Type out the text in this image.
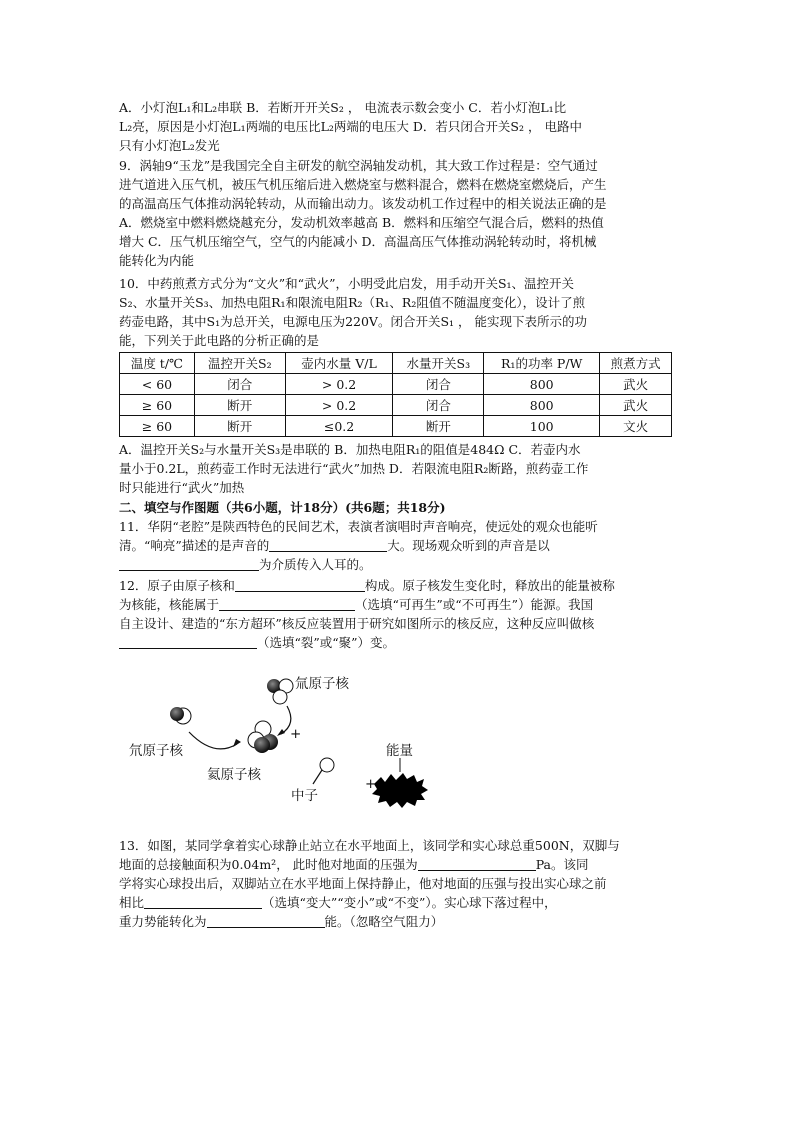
A．小灯泡L₁和L₂串联 B．若断开开关S₂ ， 电流表示数会变小 C．若小灯泡L₁比

L₂亮，原因是小灯泡L₁两端的电压比L₂两端的电压大 D．若只闭合开关S₂ ， 电路中

只有小灯泡L₂发光

9．涡轴9“玉龙”是我国完全自主研发的航空涡轴发动机，其大致工作过程是：空气通过

进气道进入压气机，被压气机压缩后进入燃烧室与燃料混合，燃料在燃烧室燃烧后，产生

的高温高压气体推动涡轮转动，从而输出动力。该发动机工作过程中的相关说法正确的是

A．燃烧室中燃料燃烧越充分，发动机效率越高 B．燃料和压缩空气混合后，燃料的热值

增大 C．压气机压缩空气，空气的内能减小 D．高温高压气体推动涡轮转动时，将机械

能转化为内能

10．中药煎煮方式分为“文火”和“武火”，小明受此启发，用手动开关S₁、温控开关

S₂、水量开关S₃、加热电阻R₁和限流电阻R₂（R₁、R₂阻值不随温度变化），设计了煎

药壶电路，其中S₁为总开关，电源电压为220V。闭合开关S₁ ， 能实现下表所示的功

能，下列关于此电路的分析正确的是

温度 t/℃	温控开关S₂	壶内水量 V/L	水量开关S₃	R₁的功率 P/W	煎煮方式
< 60	闭合	> 0.2	闭合	800	武火
≥ 60	断开	> 0.2	闭合	800	武火
≥ 60	断开	≤0.2	断开	100	文火

A．温控开关S₂与水量开关S₃是串联的 B．加热电阻R₁的阻值是484Ω C．若壶内水

量小于0.2L，煎药壶工作时无法进行“武火”加热 D．若限流电阻R₂断路，煎药壶工作

时只能进行“武火”加热

二、填空与作图题（共6小题，计18分）(共6题；共18分)

11．华阴“老腔”是陕西特色的民间艺术，表演者演唱时声音响亮，使远处的观众也能听

清。“响亮”描述的是声音的	大。现场观众听到的声音是以

为介质传入人耳的。

12．原子由原子核和	构成。原子核发生变化时，释放出的能量被称

为核能，核能属于	（选填“可再生”或“不可再生”）能源。我国

自主设计、建造的“东方超环”核反应装置用于研究如图所示的核反应，这种反应叫做核

（选填“裂”或“聚”）变。

氚原子核
氘原子核
氦原子核
+
+
中子
能量

13．如图，某同学拿着实心球静止站立在水平地面上，该同学和实心球总重500N，双脚与

地面的总接触面积为0.04m²， 此时他对地面的压强为	Pa。该同

学将实心球投出后，双脚站立在水平地面上保持静止，他对地面的压强与投出实心球之前

相比	（选填“变大”“变小”或“不变”）。实心球下落过程中，

重力势能转化为	能。（忽略空气阻力）
